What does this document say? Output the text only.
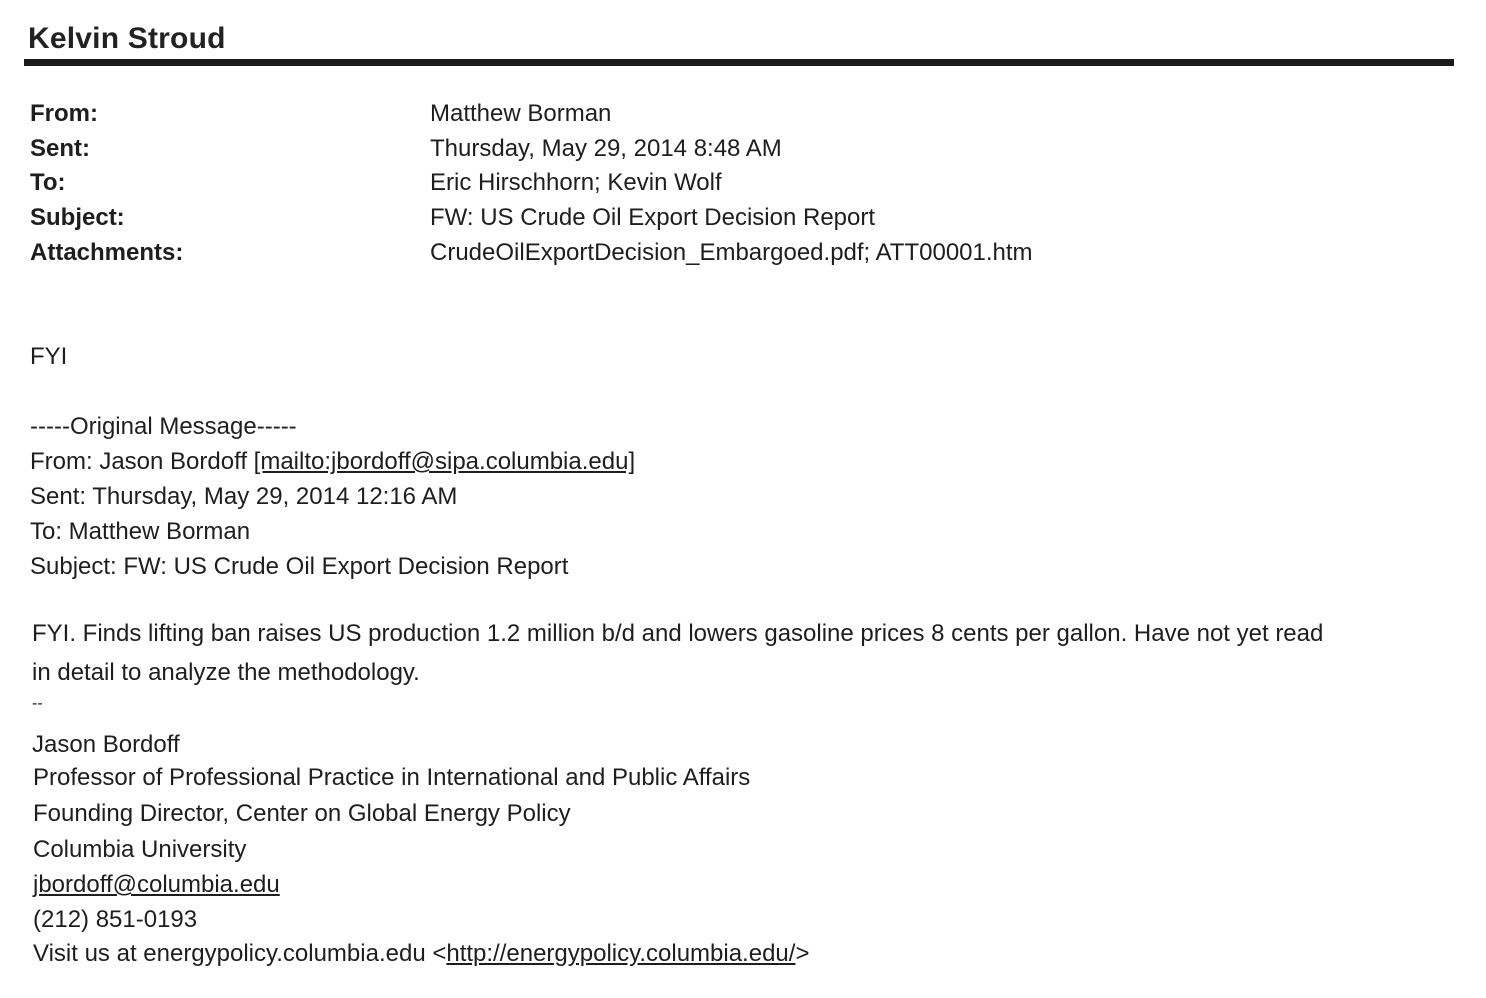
Kelvin Stroud
From:	Matthew Borman
Sent:	Thursday, May 29, 2014 8:48 AM
To:	Eric Hirschhorn; Kevin Wolf
Subject:	FW: US Crude Oil Export Decision Report
Attachments:	CrudeOilExportDecision_Embargoed.pdf; ATT00001.htm
FYI
-----Original Message-----
From: Jason Bordoff [mailto:jbordoff@sipa.columbia.edu]
Sent: Thursday, May 29, 2014 12:16 AM
To: Matthew Borman
Subject: FW: US Crude Oil Export Decision Report
FYI. Finds lifting ban raises US production 1.2 million b/d and lowers gasoline prices 8 cents per gallon. Have not yet read
in detail to analyze the methodology.
--
Jason Bordoff
Professor of Professional Practice in International and Public Affairs
Founding Director, Center on Global Energy Policy
Columbia University
jbordoff@columbia.edu
(212) 851-0193
Visit us at energypolicy.columbia.edu <http://energypolicy.columbia.edu/>
